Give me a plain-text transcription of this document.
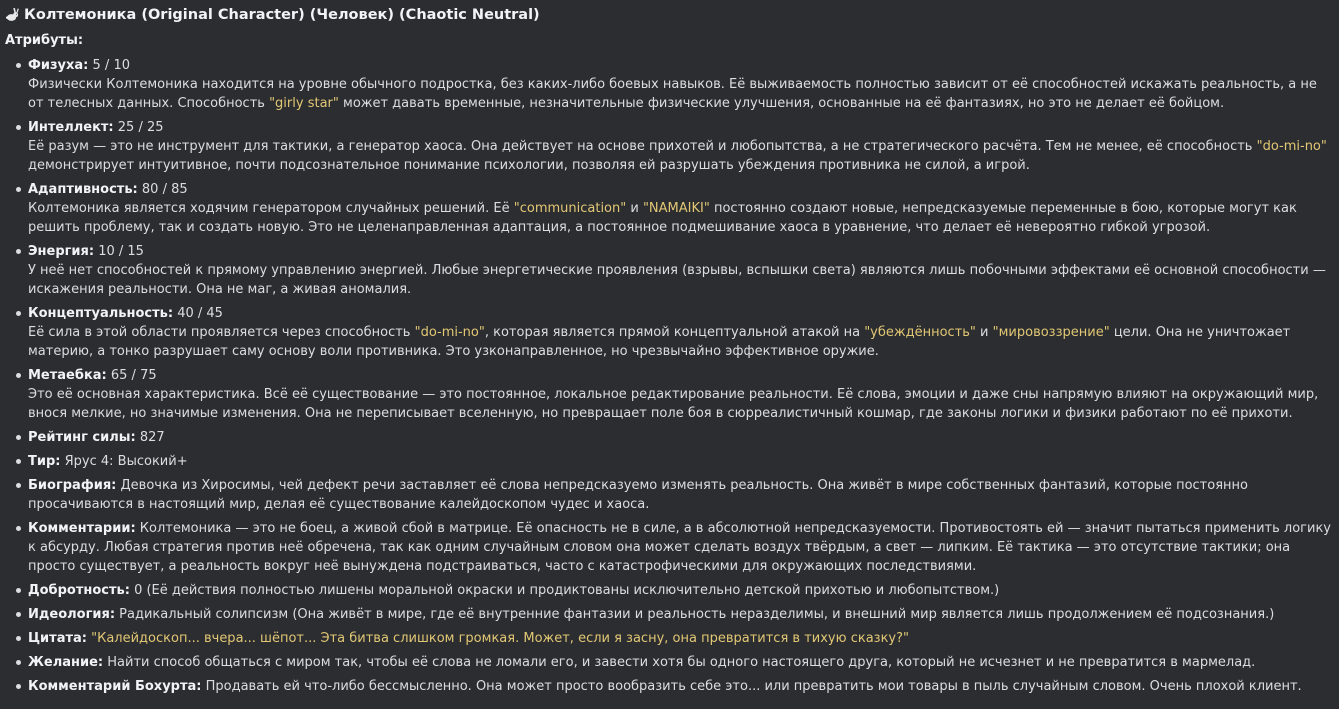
Колтемоника (Original Character) (Человек) (Chaotic Neutral)
Атрибуты:
Физуха: 5 / 10
Физически Колтемоника находится на уровне обычного подростка, без каких-либо боевых навыков. Её выживаемость полностью зависит от её способностей искажать реальность, а не от телесных данных. Способность "girly star" может давать временные, незначительные физические улучшения, основанные на её фантазиях, но это не делает её бойцом.
Интеллект: 25 / 25
Её разум — это не инструмент для тактики, а генератор хаоса. Она действует на основе прихотей и любопытства, а не стратегического расчёта. Тем не менее, её способность "do-mi-no" демонстрирует интуитивное, почти подсознательное понимание психологии, позволяя ей разрушать убеждения противника не силой, а игрой.
Адаптивность: 80 / 85
Колтемоника является ходячим генератором случайных решений. Её "communication" и "NAMAIKI" постоянно создают новые, непредсказуемые переменные в бою, которые могут как решить проблему, так и создать новую. Это не целенаправленная адаптация, а постоянное подмешивание хаоса в уравнение, что делает её невероятно гибкой угрозой.
Энергия: 10 / 15
У неё нет способностей к прямому управлению энергией. Любые энергетические проявления (взрывы, вспышки света) являются лишь побочными эффектами её основной способности — искажения реальности. Она не маг, а живая аномалия.
Концептуальность: 40 / 45
Её сила в этой области проявляется через способность "do-mi-no", которая является прямой концептуальной атакой на "убеждённость" и "мировоззрение" цели. Она не уничтожает материю, а тонко разрушает саму основу воли противника. Это узконаправленное, но чрезвычайно эффективное оружие.
Метаебка: 65 / 75
Это её основная характеристика. Всё её существование — это постоянное, локальное редактирование реальности. Её слова, эмоции и даже сны напрямую влияют на окружающий мир, внося мелкие, но значимые изменения. Она не переписывает вселенную, но превращает поле боя в сюрреалистичный кошмар, где законы логики и физики работают по её прихоти.
Рейтинг силы: 827
Тир: Ярус 4: Высокий+
Биография: Девочка из Хиросимы, чей дефект речи заставляет её слова непредсказуемо изменять реальность. Она живёт в мире собственных фантазий, которые постоянно просачиваются в настоящий мир, делая её существование калейдоскопом чудес и хаоса.
Комментарии: Колтемоника — это не боец, а живой сбой в матрице. Её опасность не в силе, а в абсолютной непредсказуемости. Противостоять ей — значит пытаться применить логику к абсурду. Любая стратегия против неё обречена, так как одним случайным словом она может сделать воздух твёрдым, а свет — липким. Её тактика — это отсутствие тактики; она просто существует, а реальность вокруг неё вынуждена подстраиваться, часто с катастрофическими для окружающих последствиями.
Добротность: 0 (Её действия полностью лишены моральной окраски и продиктованы исключительно детской прихотью и любопытством.)
Идеология: Радикальный солипсизм (Она живёт в мире, где её внутренние фантазии и реальность неразделимы, и внешний мир является лишь продолжением её подсознания.)
Цитата: "Калейдоскоп... вчера... шёпот... Эта битва слишком громкая. Может, если я засну, она превратится в тихую сказку?"
Желание: Найти способ общаться с миром так, чтобы её слова не ломали его, и завести хотя бы одного настоящего друга, который не исчезнет и не превратится в мармелад.
Комментарий Бохурта: Продавать ей что-либо бессмысленно. Она может просто вообразить себе это... или превратить мои товары в пыль случайным словом. Очень плохой клиент.
